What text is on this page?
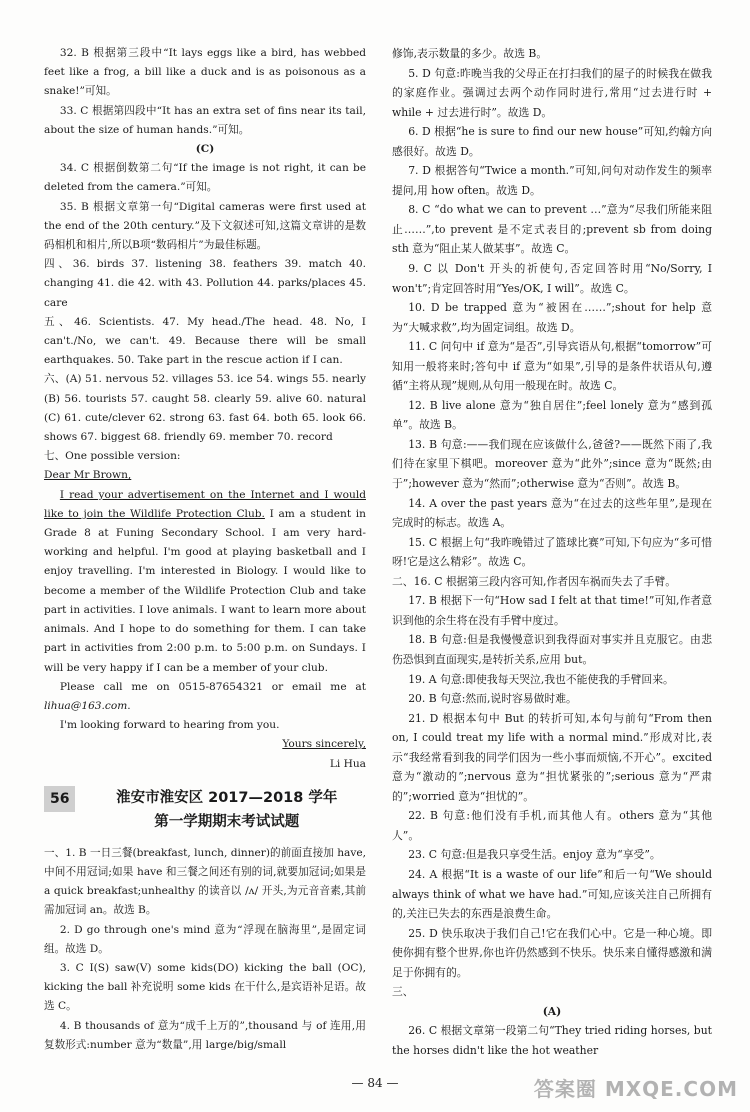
32. B 根据第三段中“It lays eggs like a bird, has webbed feet like a frog, a bill like a duck and is as poisonous as a snake!”可知。

33. C 根据第四段中“It has an extra set of fins near its tail, about the size of human hands.”可知。

(C)

34. C 根据倒数第二句“If the image is not right, it can be deleted from the camera.”可知。

35. B 根据文章第一句“Digital cameras were first used at the end of the 20th century.”及下文叙述可知,这篇文章讲的是数码相机和相片,所以B项“数码相片”为最佳标题。

四、36. birds 37. listening 38. feathers 39. match 40. changing 41. die 42. with 43. Pollution 44. parks/places 45. care

五、46. Scientists. 47. My head./The head. 48. No, I can't./No, we can't. 49. Because there will be small earthquakes. 50. Take part in the rescue action if I can.

六、(A) 51. nervous 52. villages 53. ice 54. wings 55. nearly (B) 56. tourists 57. caught 58. clearly 59. alive 60. natural (C) 61. cute/clever 62. strong 63. fast 64. both 65. look 66. shows 67. biggest 68. friendly 69. member 70. record

七、One possible version:

Dear Mr Brown,

I read your advertisement on the Internet and I would like to join the Wildlife Protection Club. I am a student in Grade 8 at Funing Secondary School. I am very hard-working and helpful. I'm good at playing basketball and I enjoy travelling. I'm interested in Biology. I would like to become a member of the Wildlife Protection Club and take part in activities. I love animals. I want to learn more about animals. And I hope to do something for them. I can take part in activities from 2:00 p.m. to 5:00 p.m. on Sundays. I will be very happy if I can be a member of your club.

Please call me on 0515-87654321 or email me at lihua@163.com.

I'm looking forward to hearing from you.

Yours sincerely,

Li Hua

56	淮安市淮安区 2017—2018 学年
第一学期期末考试试题

一、1. B 一日三餐(breakfast, lunch, dinner)的前面直接加 have,中间不用冠词;如果 have 和三餐之间还有别的词,就要加冠词;如果是 a quick breakfast;unhealthy 的读音以 /ʌ/ 开头,为元音音素,其前需加冠词 an。故选 B。

2. D go through one's mind 意为“浮现在脑海里”,是固定词组。故选 D。

3. C I(S) saw(V) some kids(DO) kicking the ball (OC), kicking the ball 补充说明 some kids 在干什么,是宾语补足语。故选 C。

4. B thousands of 意为“成千上万的”,thousand 与 of 连用,用复数形式:number 意为“数量”,用 large/big/small

修饰,表示数量的多少。故选 B。

5. D 句意:昨晚当我的父母正在打扫我们的屋子的时候我在做我的家庭作业。强调过去两个动作同时进行,常用“过去进行时 + while + 过去进行时”。故选 D。

6. D 根据“he is sure to find our new house”可知,约翰方向感很好。故选 D。

7. D 根据答句“Twice a month.”可知,问句对动作发生的频率提问,用 how often。故选 D。

8. C “do what we can to prevent …”意为“尽我们所能来阻止……”,to prevent 是不定式表目的;prevent sb from doing sth 意为“阻止某人做某事”。故选 C。

9. C 以 Don't 开头的祈使句,否定回答时用“No/Sorry, I won't”;肯定回答时用“Yes/OK, I will”。故选 C。

10. D be trapped 意为“被困在……”;shout for help 意为“大喊求救”,均为固定词组。故选 D。

11. C 问句中 if 意为“是否”,引导宾语从句,根据“tomorrow”可知用一般将来时;答句中 if 意为“如果”,引导的是条件状语从句,遵循“主将从现”规则,从句用一般现在时。故选 C。

12. B live alone 意为“独自居住”;feel lonely 意为“感到孤单”。故选 B。

13. B 句意:——我们现在应该做什么,爸爸?——既然下雨了,我们待在家里下棋吧。moreover 意为“此外”;since 意为“既然;由于”;however 意为“然而”;otherwise 意为“否则”。故选 B。

14. A over the past years 意为“在过去的这些年里”,是现在完成时的标志。故选 A。

15. C 根据上句“我昨晚错过了篮球比赛”可知,下句应为“多可惜呀!它是这么精彩”。故选 C。

二、16. C 根据第三段内容可知,作者因车祸而失去了手臂。

17. B 根据下一句“How sad I felt at that time!”可知,作者意识到他的余生将在没有手臂中度过。

18. B 句意:但是我慢慢意识到我得面对事实并且克服它。由悲伤恐惧到直面现实,是转折关系,应用 but。

19. A 句意:即使我每天哭泣,我也不能使我的手臂回来。

20. B 句意:然而,说时容易做时难。

21. D 根据本句中 But 的转折可知,本句与前句“From then on, I could treat my life with a normal mind.”形成对比,表示“我经常看到我的同学们因为一些小事而烦恼,不开心”。excited 意为“激动的”;nervous 意为“担忧紧张的”;serious 意为“严肃的”;worried 意为“担忧的”。

22. B 句意:他们没有手机,而其他人有。others 意为“其他人”。

23. C 句意:但是我只享受生活。enjoy 意为“享受”。

24. A 根据“It is a waste of our life”和后一句“We should always think of what we have had.”可知,应该关注自己所拥有的,关注已失去的东西是浪费生命。

25. D 快乐取决于我们自己!它在我们心中。它是一种心境。即使你拥有整个世界,你也许仍然感到不快乐。快乐来自懂得感激和满足于你拥有的。

三、

(A)

26. C 根据文章第一段第二句“They tried riding horses, but the horses didn't like the hot weather

— 84 —	答案圈 MXQE.COM
